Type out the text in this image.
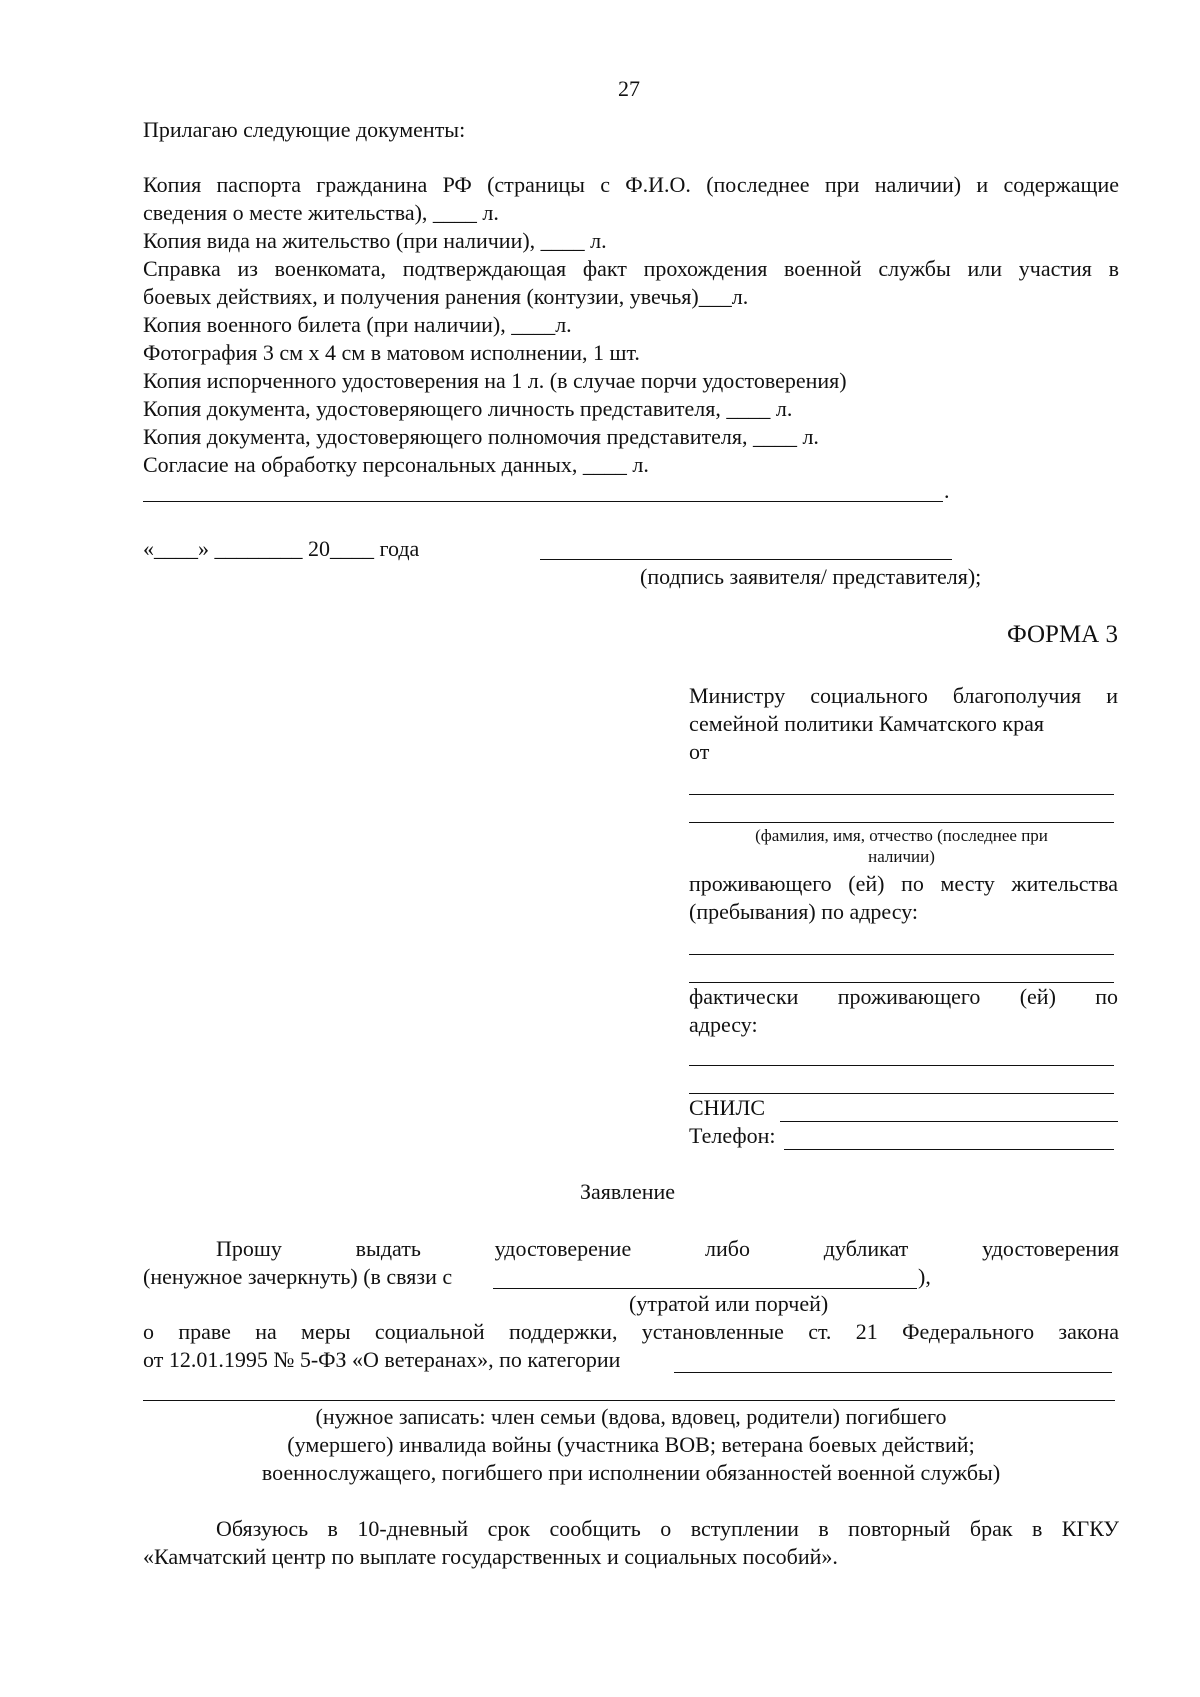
27
Прилагаю следующие документы:
Копия паспорта гражданина РФ (страницы с Ф.И.О. (последнее при наличии) и содержащие
сведения о месте жительства), ____ л.
Копия вида на жительство (при наличии), ____ л.
Справка из военкомата, подтверждающая факт прохождения военной службы или участия в
боевых действиях, и получения ранения (контузии, увечья)___л.
Копия военного билета (при наличии), ____л.
Фотография 3 см х 4 см в матовом исполнении, 1 шт.
Копия испорченного удостоверения на 1 л. (в случае порчи удостоверения)
Копия документа, удостоверяющего личность представителя, ____ л.
Копия документа, удостоверяющего полномочия представителя, ____ л.
Согласие на обработку персональных данных, ____ л.
.
«____» ________ 20____ года
(подпись заявителя/ представителя);
ФОРМА 3
Министру социального благополучия и
семейной политики Камчатского края
от
(фамилия, имя, отчество (последнее при
наличии)
проживающего (ей) по месту жительства
(пребывания) по адресу:
фактически проживающего (ей) по
адресу:
СНИЛС
Телефон:
Заявление
Прошу выдать удостоверение либо дубликат удостоверения
(ненужное зачеркнуть) (в связи с	),
(утратой или порчей)
о праве на меры социальной поддержки, установленные ст. 21 Федерального закона
от 12.01.1995 № 5-ФЗ «О ветеранах», по категории
(нужное записать: член семьи (вдова, вдовец, родители) погибшего
(умершего) инвалида войны (участника ВОВ; ветерана боевых действий;
военнослужащего, погибшего при исполнении обязанностей военной службы)
Обязуюсь в 10-дневный срок сообщить о вступлении в повторный брак в КГКУ
«Камчатский центр по выплате государственных и социальных пособий».
